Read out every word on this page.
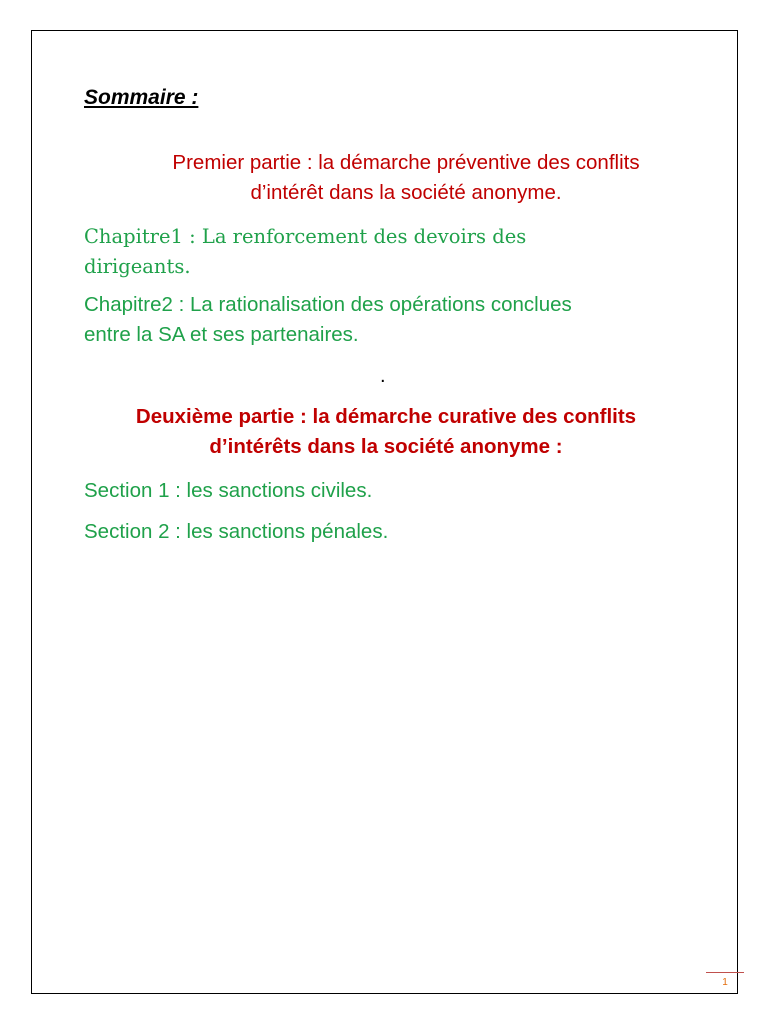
Sommaire :

Premier partie : la démarche préventive des conflits
d’intérêt dans la société anonyme.
Chapitre1 : La renforcement des devoirs des
dirigeants.
Chapitre2 : La rationalisation des opérations conclues
entre la SA et ses partenaires.

.

Deuxième partie : la démarche curative des conflits
d’intérêts dans la société anonyme :

Section 1 : les sanctions civiles.

Section 2 : les sanctions pénales.

1
